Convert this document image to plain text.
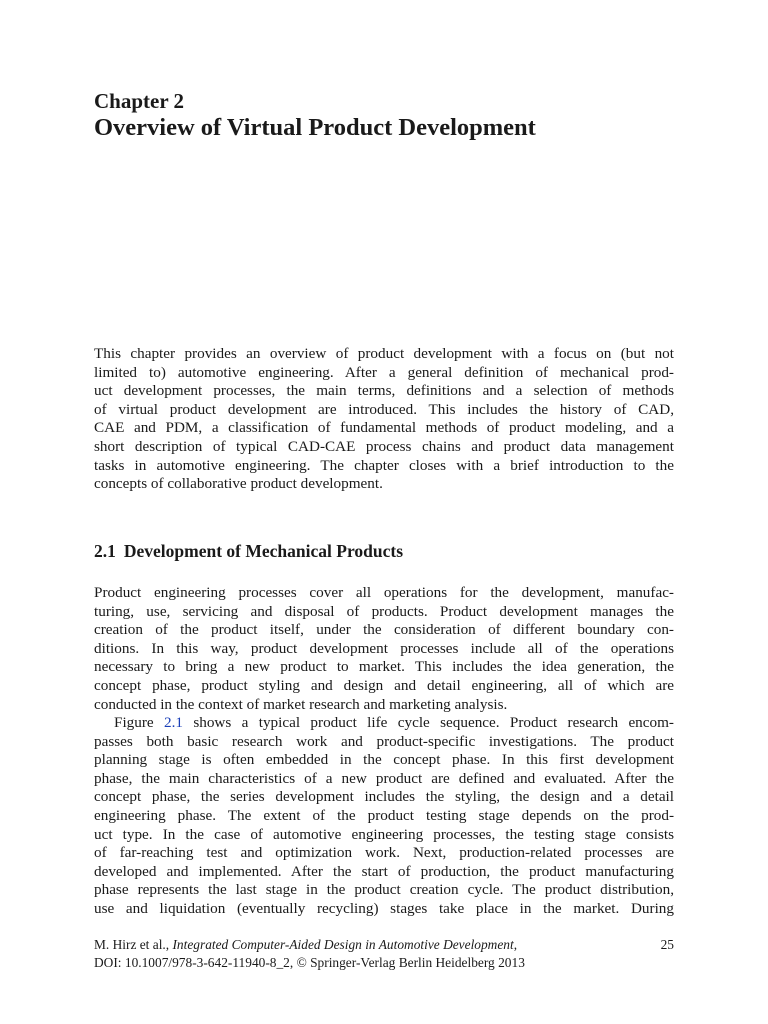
Chapter 2
Overview of Virtual Product Development
This chapter provides an overview of product development with a focus on (but not
limited to) automotive engineering. After a general definition of mechanical prod-
uct development processes, the main terms, definitions and a selection of methods
of virtual product development are introduced. This includes the history of CAD,
CAE and PDM, a classification of fundamental methods of product modeling, and a
short description of typical CAD-CAE process chains and product data management
tasks in automotive engineering. The chapter closes with a brief introduction to the
concepts of collaborative product development.
2.1 Development of Mechanical Products
Product engineering processes cover all operations for the development, manufac-
turing, use, servicing and disposal of products. Product development manages the
creation of the product itself, under the consideration of different boundary con-
ditions. In this way, product development processes include all of the operations
necessary to bring a new product to market. This includes the idea generation, the
concept phase, product styling and design and detail engineering, all of which are
conducted in the context of market research and marketing analysis.
Figure 2.1 shows a typical product life cycle sequence. Product research encom-
passes both basic research work and product-specific investigations. The product
planning stage is often embedded in the concept phase. In this first development
phase, the main characteristics of a new product are defined and evaluated. After the
concept phase, the series development includes the styling, the design and a detail
engineering phase. The extent of the product testing stage depends on the prod-
uct type. In the case of automotive engineering processes, the testing stage consists
of far-reaching test and optimization work. Next, production-related processes are
developed and implemented. After the start of production, the product manufacturing
phase represents the last stage in the product creation cycle. The product distribution,
use and liquidation (eventually recycling) stages take place in the market. During
M. Hirz et al., Integrated Computer-Aided Design in Automotive Development,	25
DOI: 10.1007/978-3-642-11940-8_2, © Springer-Verlag Berlin Heidelberg 2013
